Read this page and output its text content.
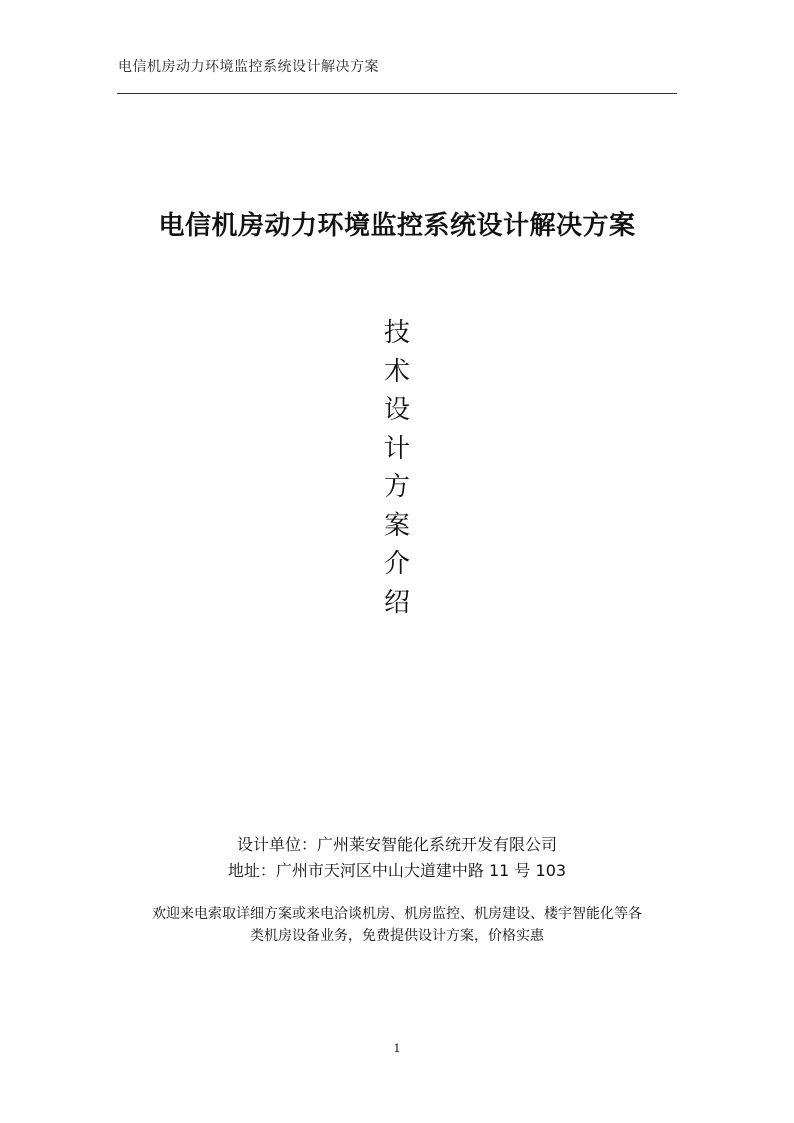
电信机房动力环境监控系统设计解决方案
电信机房动力环境监控系统设计解决方案
技
术
设
计
方
案
介
绍
设计单位：广州莱安智能化系统开发有限公司
地址：广州市天河区中山大道建中路 11 号 103
欢迎来电索取详细方案或来电洽谈机房、机房监控、机房建设、楼宇智能化等各
类机房设备业务，免费提供设计方案，价格实惠
1
